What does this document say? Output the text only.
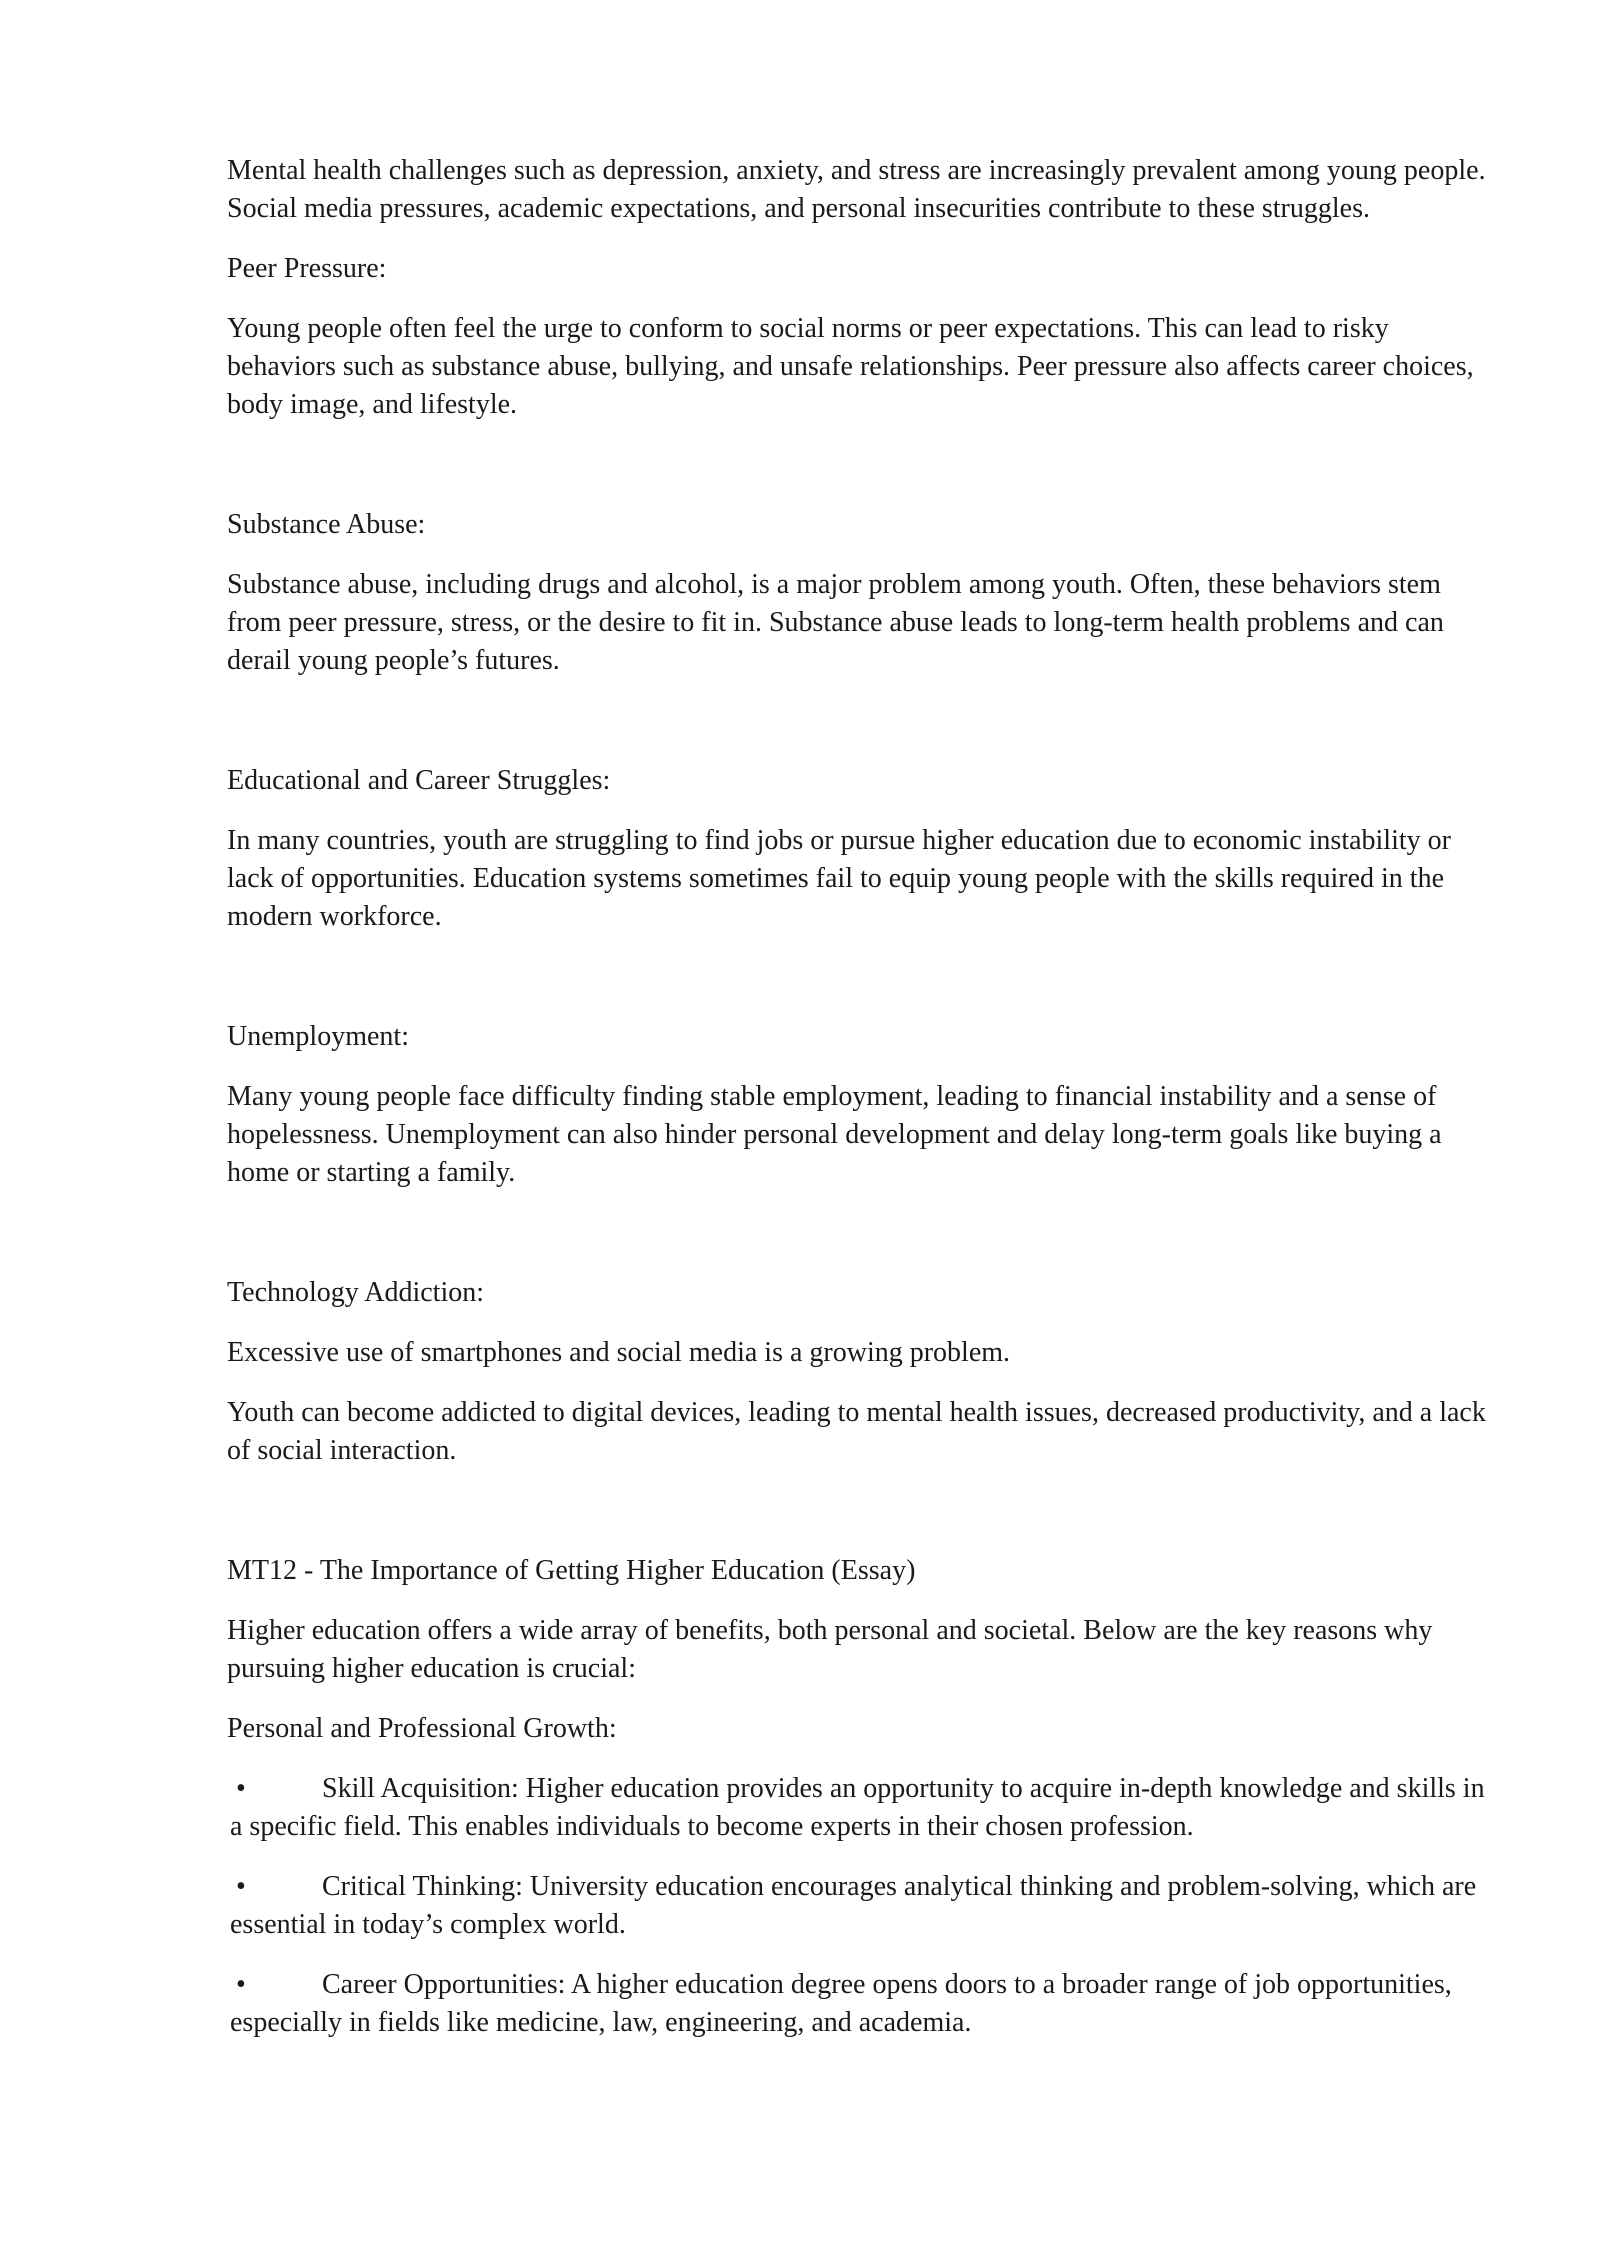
Mental health challenges such as depression, anxiety, and stress are increasingly prevalent among young people. Social media pressures, academic expectations, and personal insecurities contribute to these struggles.

Peer Pressure:

Young people often feel the urge to conform to social norms or peer expectations. This can lead to risky behaviors such as substance abuse, bullying, and unsafe relationships. Peer pressure also affects career choices, body image, and lifestyle.

Substance Abuse:

Substance abuse, including drugs and alcohol, is a major problem among youth. Often, these behaviors stem from peer pressure, stress, or the desire to fit in. Substance abuse leads to long-term health problems and can derail young people’s futures.

Educational and Career Struggles:

In many countries, youth are struggling to find jobs or pursue higher education due to economic instability or lack of opportunities. Education systems sometimes fail to equip young people with the skills required in the modern workforce.

Unemployment:

Many young people face difficulty finding stable employment, leading to financial instability and a sense of hopelessness. Unemployment can also hinder personal development and delay long-term goals like buying a home or starting a family.

Technology Addiction:

Excessive use of smartphones and social media is a growing problem.

Youth can become addicted to digital devices, leading to mental health issues, decreased productivity, and a lack of social interaction.

MT12 - The Importance of Getting Higher Education (Essay)

Higher education offers a wide array of benefits, both personal and societal. Below are the key reasons why pursuing higher education is crucial:

Personal and Professional Growth:

•	Skill Acquisition: Higher education provides an opportunity to acquire in-depth knowledge and skills in a specific field. This enables individuals to become experts in their chosen profession.

•	Critical Thinking: University education encourages analytical thinking and problem-solving, which are essential in today’s complex world.

•	Career Opportunities: A higher education degree opens doors to a broader range of job opportunities, especially in fields like medicine, law, engineering, and academia.
